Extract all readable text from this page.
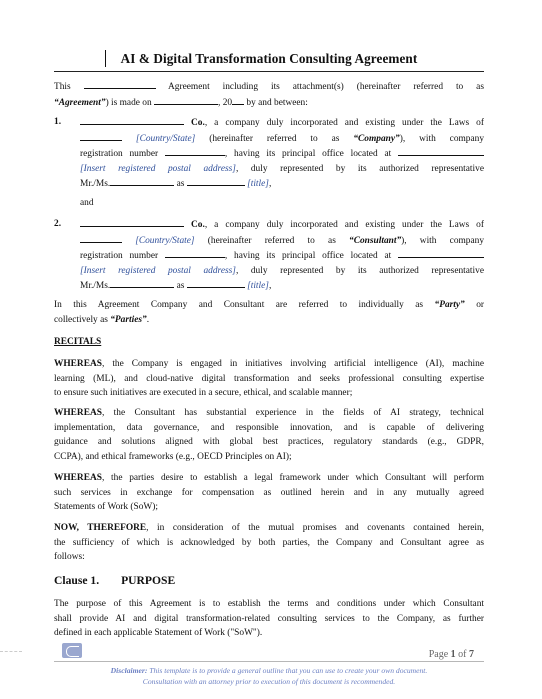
AI & Digital Transformation Consulting Agreement
This	Agreement including its attachment(s) (hereinafter referred to as
“Agreement”) is made on	, 20 by and between:
1.	Co., a company duly incorporated and existing under the Laws of
[Country/State] (hereinafter referred to as “Company”), with company
registration number	, having its principal office located at
[Insert registered postal address], duly represented by its authorized representative
Mr./Ms.	as	[title],
and
2.	Co., a company duly incorporated and existing under the Laws of
[Country/State] (hereinafter referred to as “Consultant”), with company
registration number	, having its principal office located at
[Insert registered postal address], duly represented by its authorized representative
Mr./Ms.	as	[title],
In this Agreement Company and Consultant are referred to individually as “Party” or
collectively as “Parties”.
RECITALS
WHEREAS, the Company is engaged in initiatives involving artificial intelligence (AI), machine
learning (ML), and cloud-native digital transformation and seeks professional consulting expertise
to ensure such initiatives are executed in a secure, ethical, and scalable manner;
WHEREAS, the Consultant has substantial experience in the fields of AI strategy, technical
implementation, data governance, and responsible innovation, and is capable of delivering
guidance and solutions aligned with global best practices, regulatory standards (e.g., GDPR,
CCPA), and ethical frameworks (e.g., OECD Principles on AI);
WHEREAS, the parties desire to establish a legal framework under which Consultant will perform
such services in exchange for compensation as outlined herein and in any mutually agreed
Statements of Work (SoW);
NOW, THEREFORE, in consideration of the mutual promises and covenants contained herein,
the sufficiency of which is acknowledged by both parties, the Company and Consultant agree as
follows:
Clause 1. PURPOSE
The purpose of this Agreement is to establish the terms and conditions under which Consultant
shall provide AI and digital transformation-related consulting services to the Company, as further
defined in each applicable Statement of Work ("SoW").
Page 1 of 7
Disclaimer: This template is to provide a general outline that you can use to create your own document.
Consultation with an attorney prior to execution of this document is recommended.
